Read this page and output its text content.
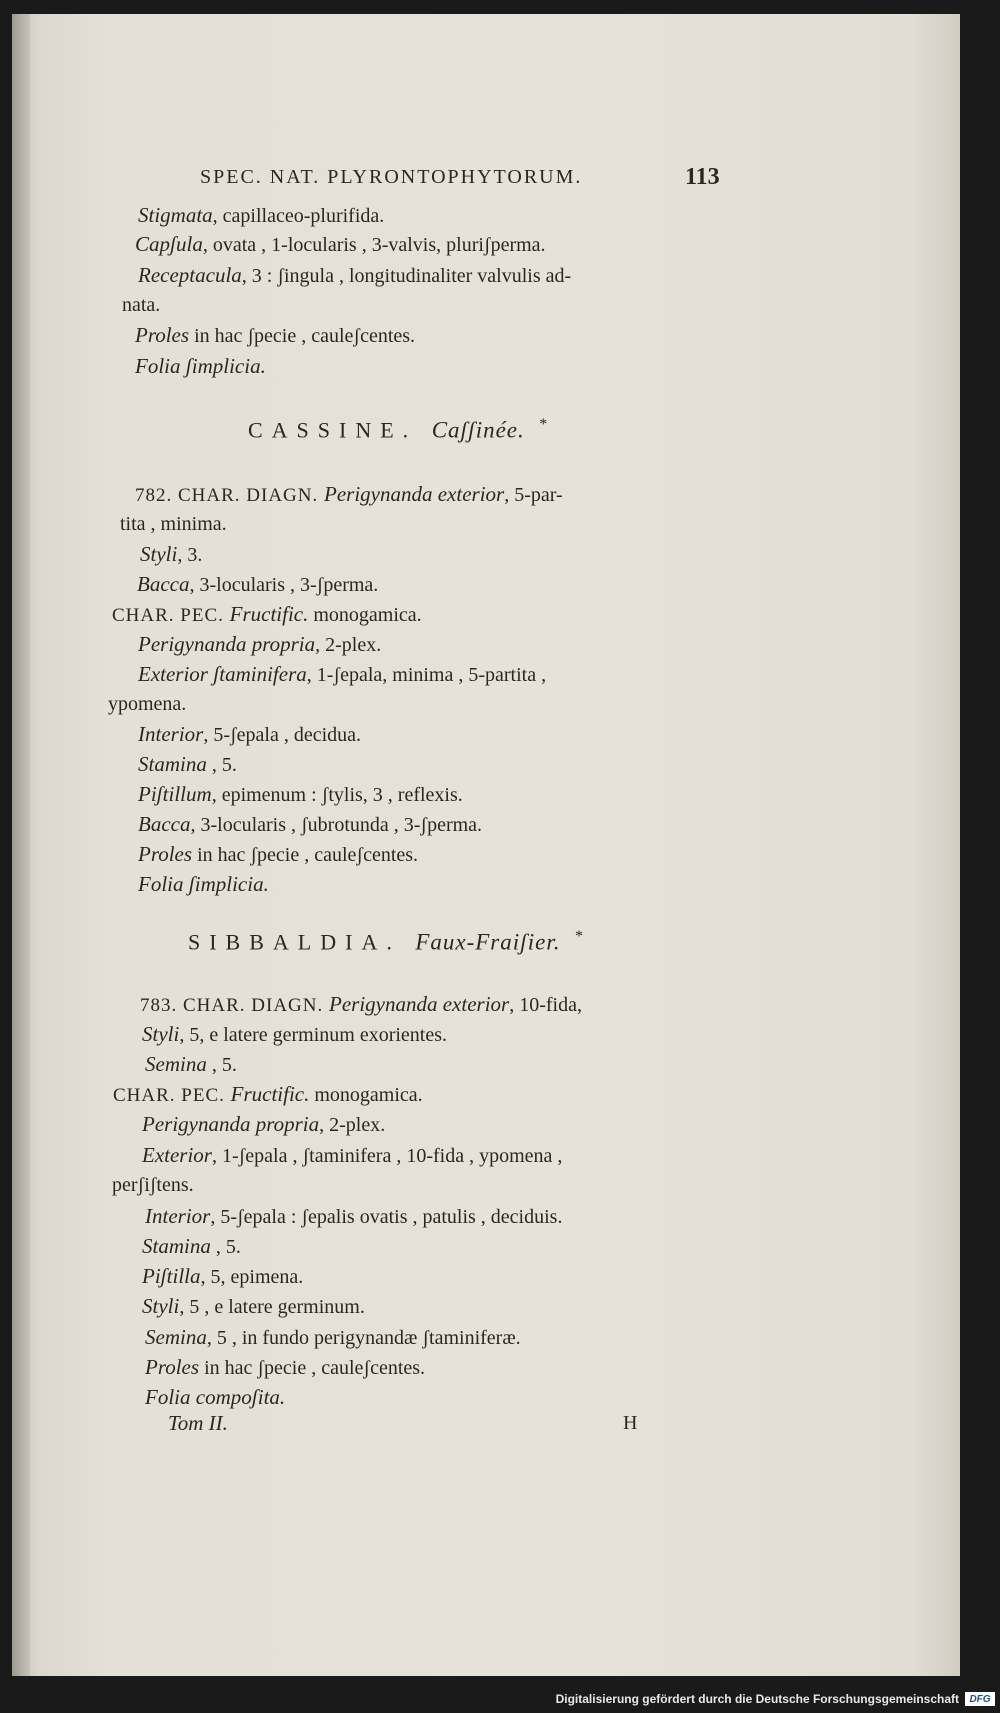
SPEC. NAT. PLYRONTOPHYTORUM.	113
Stigmata, capillaceo-plurifida.
Capʃula, ovata , 1-locularis , 3-valvis, pluriʃperma.
Receptacula, 3 : ʃingula , longitudinaliter valvulis ad-
nata.
Proles in hac ʃpecie , cauleʃcentes.
Folia ʃimplicia.
782. CHAR. DIAGN. Perigynanda exterior, 5-par-
tita , minima.
Styli, 3.
Bacca, 3-locularis , 3-ʃperma.
CHAR. PEC. Fructific. monogamica.
Perigynanda propria, 2-plex.
Exterior ʃtaminifera, 1-ʃepala, minima , 5-partita ,
ypomena.
Interior, 5-ʃepala , decidua.
Stamina , 5.
Piʃtillum, epimenum : ʃtylis, 3 , reflexis.
Bacca, 3-locularis , ʃubrotunda , 3-ʃperma.
Proles in hac ʃpecie , cauleʃcentes.
Folia ʃimplicia.
783. CHAR. DIAGN. Perigynanda exterior, 10-fida,
Styli, 5, e latere germinum exorientes.
Semina , 5.
CHAR. PEC. Fructific. monogamica.
Perigynanda propria, 2-plex.
Exterior, 1-ʃepala , ʃtaminifera , 10-fida , ypomena ,
perʃiʃtens.
Interior, 5-ʃepala : ʃepalis ovatis , patulis , deciduis.
Stamina , 5.
Piʃtilla, 5, epimena.
Styli, 5 , e latere germinum.
Semina, 5 , in fundo perigynandæ ʃtaminiferæ.
Proles in hac ʃpecie , cauleʃcentes.
Folia compoʃita.
CASSINE. Caʃʃinée. *
SIBBALDIA. Faux-Fraiʃier. *
Tom II.	H
Digitalisierung gefördert durch die Deutsche Forschungsgemeinschaft	DFG
